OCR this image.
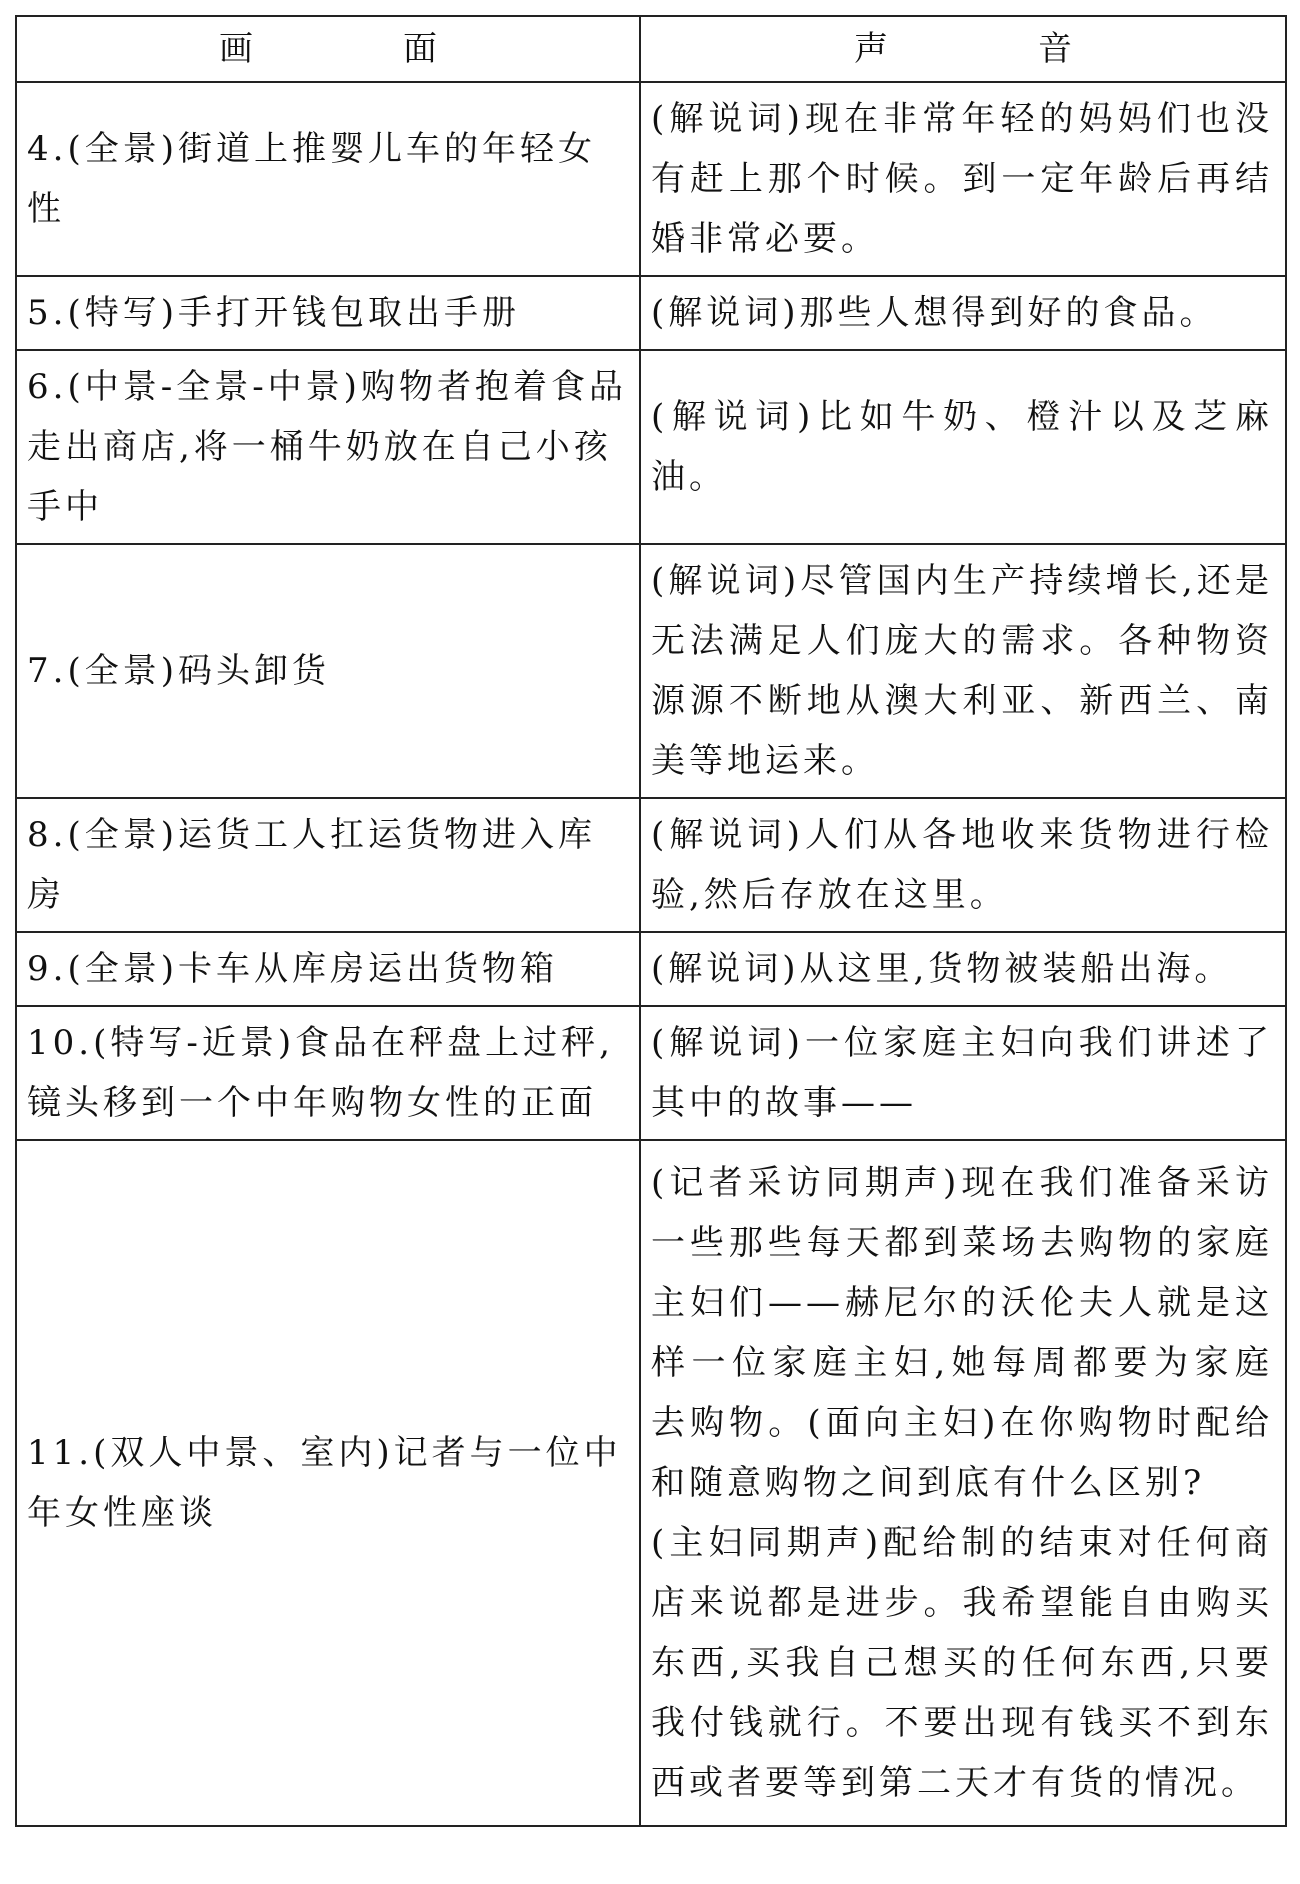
画面	声音
4.(全景)街道上推婴儿车的年轻女性	(解说词)现在非常年轻的妈妈们也没有赶上那个时候。到一定年龄后再结婚非常必要。

5.(特写)手打开钱包取出手册	(解说词)那些人想得到好的食品。

6.(中景-全景-中景)购物者抱着食品走出商店,将一桶牛奶放在自己小孩手中	(解说词)比如牛奶、橙汁以及芝麻油。

7.(全景)码头卸货	(解说词)尽管国内生产持续增长,还是无法满足人们庞大的需求。各种物资源源不断地从澳大利亚、新西兰、南美等地运来。

8.(全景)运货工人扛运货物进入库房	(解说词)人们从各地收来货物进行检验,然后存放在这里。

9.(全景)卡车从库房运出货物箱	(解说词)从这里,货物被装船出海。

10.(特写-近景)食品在秤盘上过秤,镜头移到一个中年购物女性的正面	(解说词)一位家庭主妇向我们讲述了其中的故事——

11.(双人中景、室内)记者与一位中年女性座谈	(记者采访同期声)现在我们准备采访一些那些每天都到菜场去购物的家庭主妇们——赫尼尔的沃伦夫人就是这样一位家庭主妇,她每周都要为家庭去购物。(面向主妇)在你购物时配给和随意购物之间到底有什么区别?
(主妇同期声)配给制的结束对任何商店来说都是进步。我希望能自由购买东西,买我自己想买的任何东西,只要我付钱就行。不要出现有钱买不到东西或者要等到第二天才有货的情况。
